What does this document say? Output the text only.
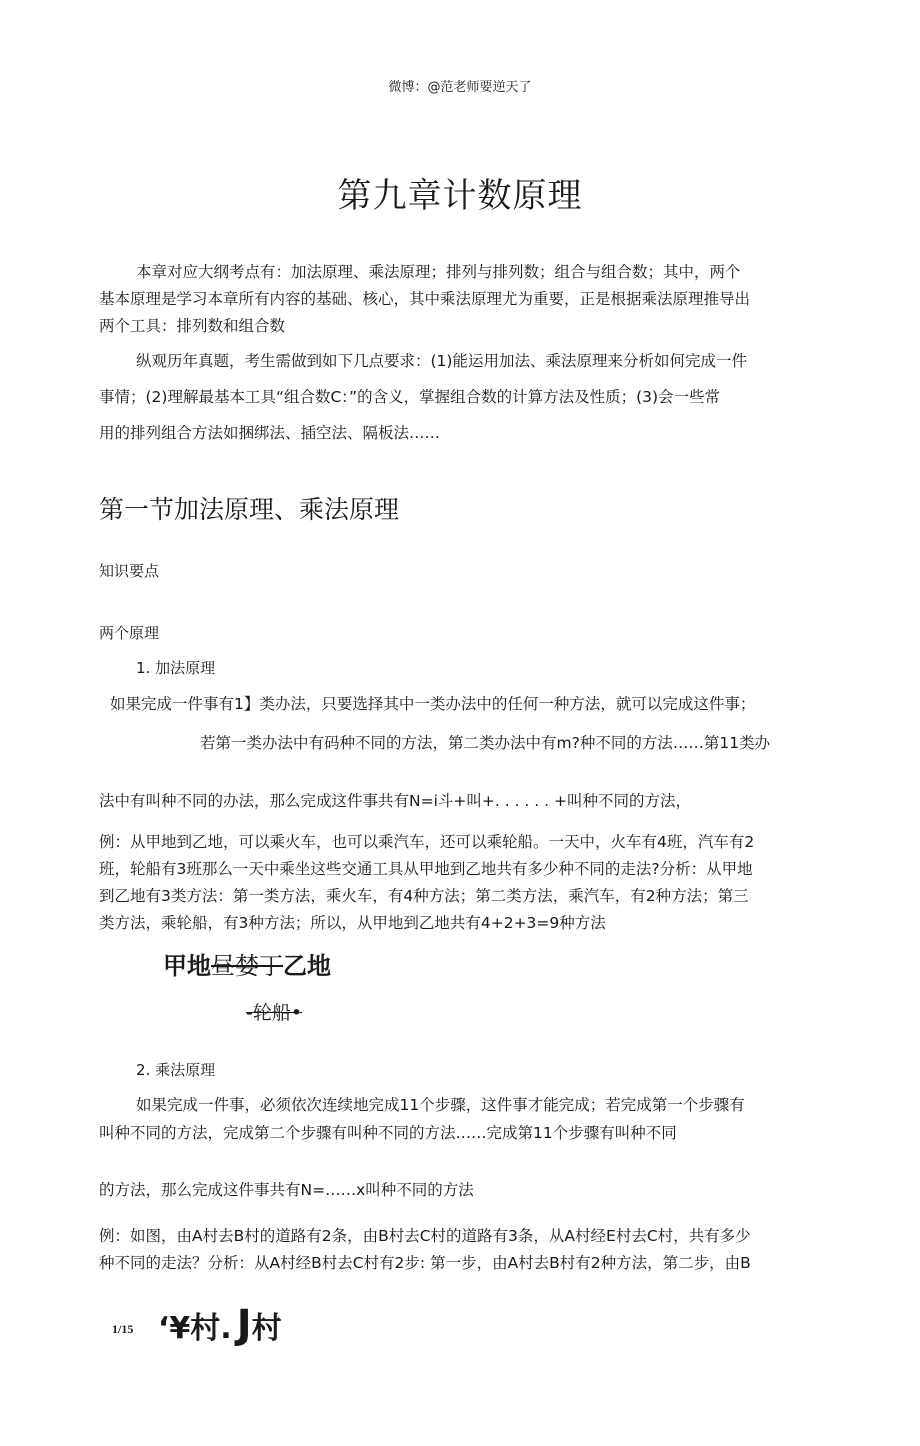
微博：@范老师要逆天了
第九章计数原理
本章对应大纲考点有：加法原理、乘法原理；排列与排列数；组合与组合数；其中，两个
基本原理是学习本章所有内容的基础、核心，其中乘法原理尤为重要，正是根据乘法原理推导出
两个工具：排列数和组合数
纵观历年真题，考生需做到如下几点要求：(1)能运用加法、乘法原理来分析如何完成一件
事情；(2)理解最基本工具“组合数C：”的含义，掌握组合数的计算方法及性质；(3)会一些常
用的排列组合方法如捆绑法、插空法、隔板法……
第一节加法原理、乘法原理
知识要点
两个原理
1. 加法原理
如果完成一件事有1】类办法，只要选择其中一类办法中的任何一种方法，就可以完成这件事；
若第一类办法中有码种不同的方法，第二类办法中有m?种不同的方法……第11类办
法中有叫种不同的办法，那么完成这件事共有N=i斗+叫+. . . . . . +叫种不同的方法，
例：从甲地到乙地，可以乘火车，也可以乘汽车，还可以乘轮船。一天中，火车有4班，汽车有2
班，轮船有3班那么一天中乘坐这些交通工具从甲地到乙地共有多少种不同的走法?分析：从甲地
到乙地有3类方法：第一类方法，乘火车，有4种方法；第二类方法，乘汽车，有2种方法；第三
类方法，乘轮船，有3种方法；所以，从甲地到乙地共有4+2+3=9种方法
甲地昼婪丁乙地
-轮船•
2. 乘法原理
如果完成一件事，必须依次连续地完成11个步骤，这件事才能完成；若完成第一个步骤有
叫种不同的方法，完成第二个步骤有叫种不同的方法……完成第11个步骤有叫种不同
的方法，那么完成这件事共有N=……x叫种不同的方法
例：如图，由A村去B村的道路有2条，由B村去C村的道路有3条，从A村经E村去C村，共有多少
种不同的走法？分析：从A村经B村去C村有2步: 第一步，由A村去B村有2种方法，第二步，由B
1/15 ‘¥村. J村
